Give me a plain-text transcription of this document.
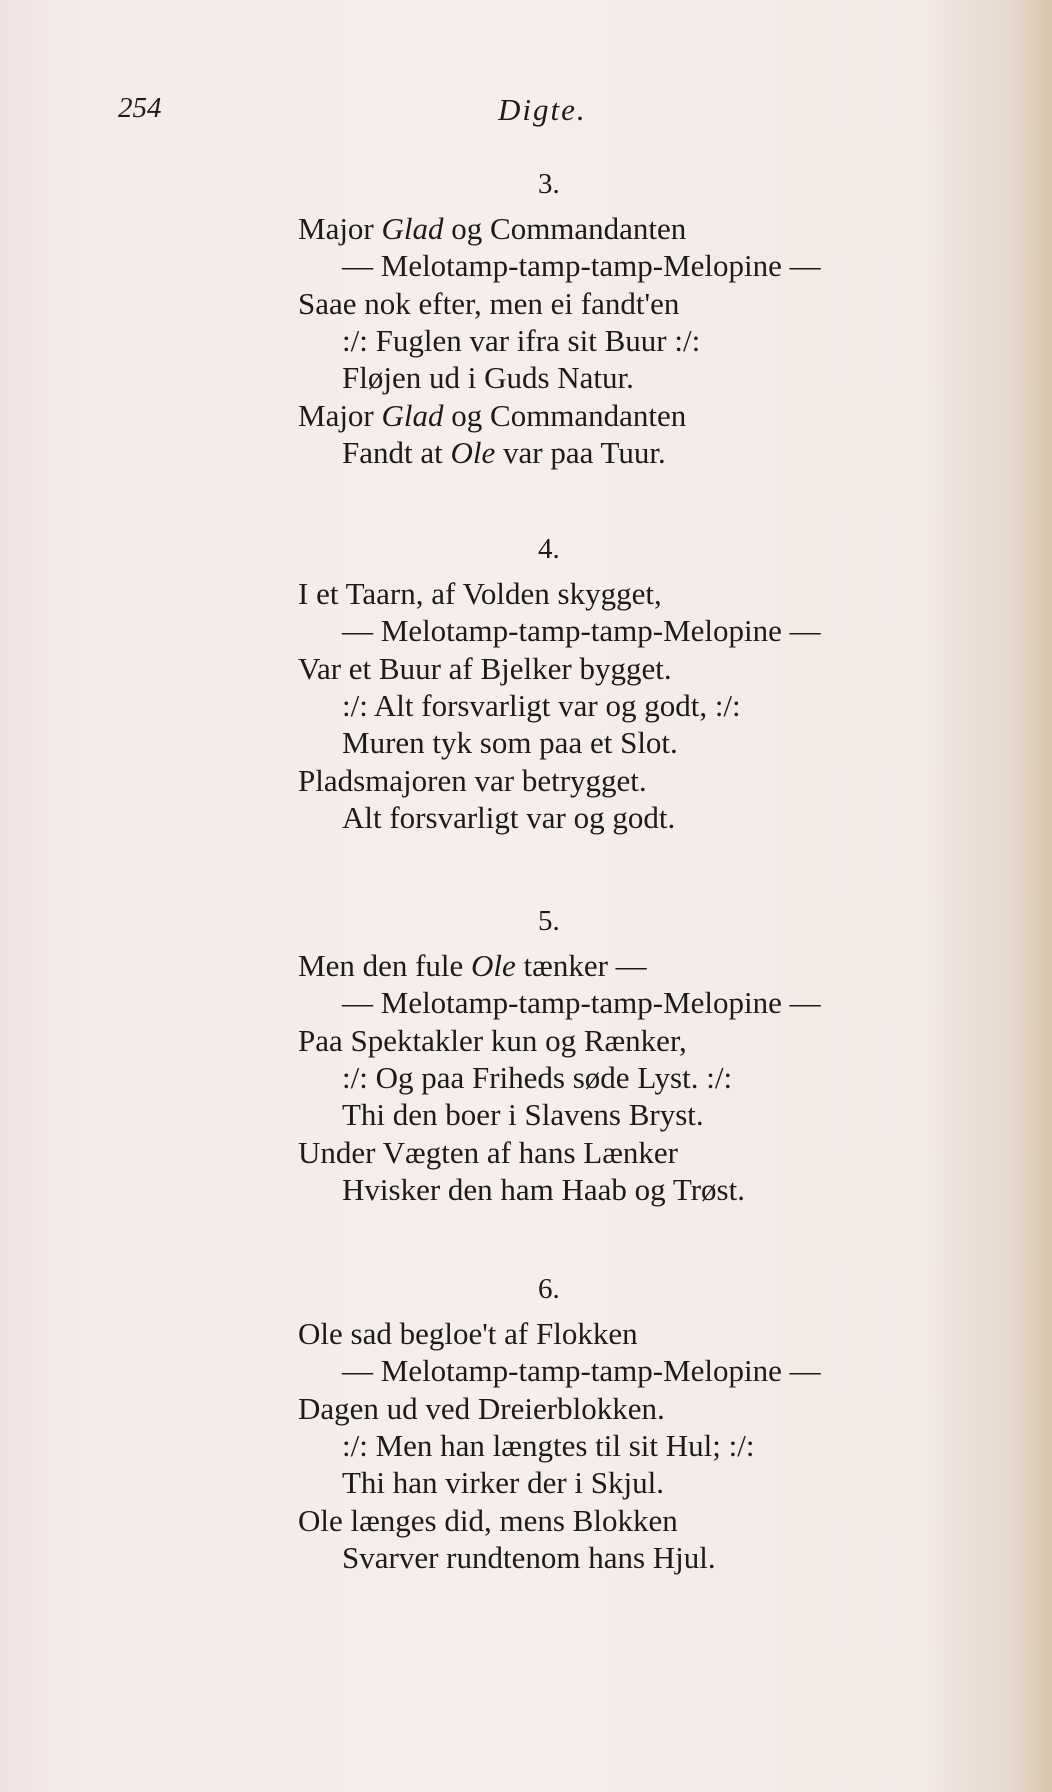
254	Digte.
3.
Major Glad og Commandanten
— Melotamp-tamp-tamp-Melopine —
Saae nok efter, men ei fandt'en
:/: Fuglen var ifra sit Buur :/:
Fløjen ud i Guds Natur.
Major Glad og Commandanten
Fandt at Ole var paa Tuur.
4.
I et Taarn, af Volden skygget,
— Melotamp-tamp-tamp-Melopine —
Var et Buur af Bjelker bygget.
:/: Alt forsvarligt var og godt, :/:
Muren tyk som paa et Slot.
Pladsmajoren var betrygget.
Alt forsvarligt var og godt.
5.
Men den fule Ole tænker —
— Melotamp-tamp-tamp-Melopine —
Paa Spektakler kun og Rænker,
:/: Og paa Friheds søde Lyst. :/:
Thi den boer i Slavens Bryst.
Under Vægten af hans Lænker
Hvisker den ham Haab og Trøst.
6.
Ole sad begloe't af Flokken
— Melotamp-tamp-tamp-Melopine —
Dagen ud ved Dreierblokken.
:/: Men han længtes til sit Hul; :/:
Thi han virker der i Skjul.
Ole længes did, mens Blokken
Svarver rundtenom hans Hjul.
